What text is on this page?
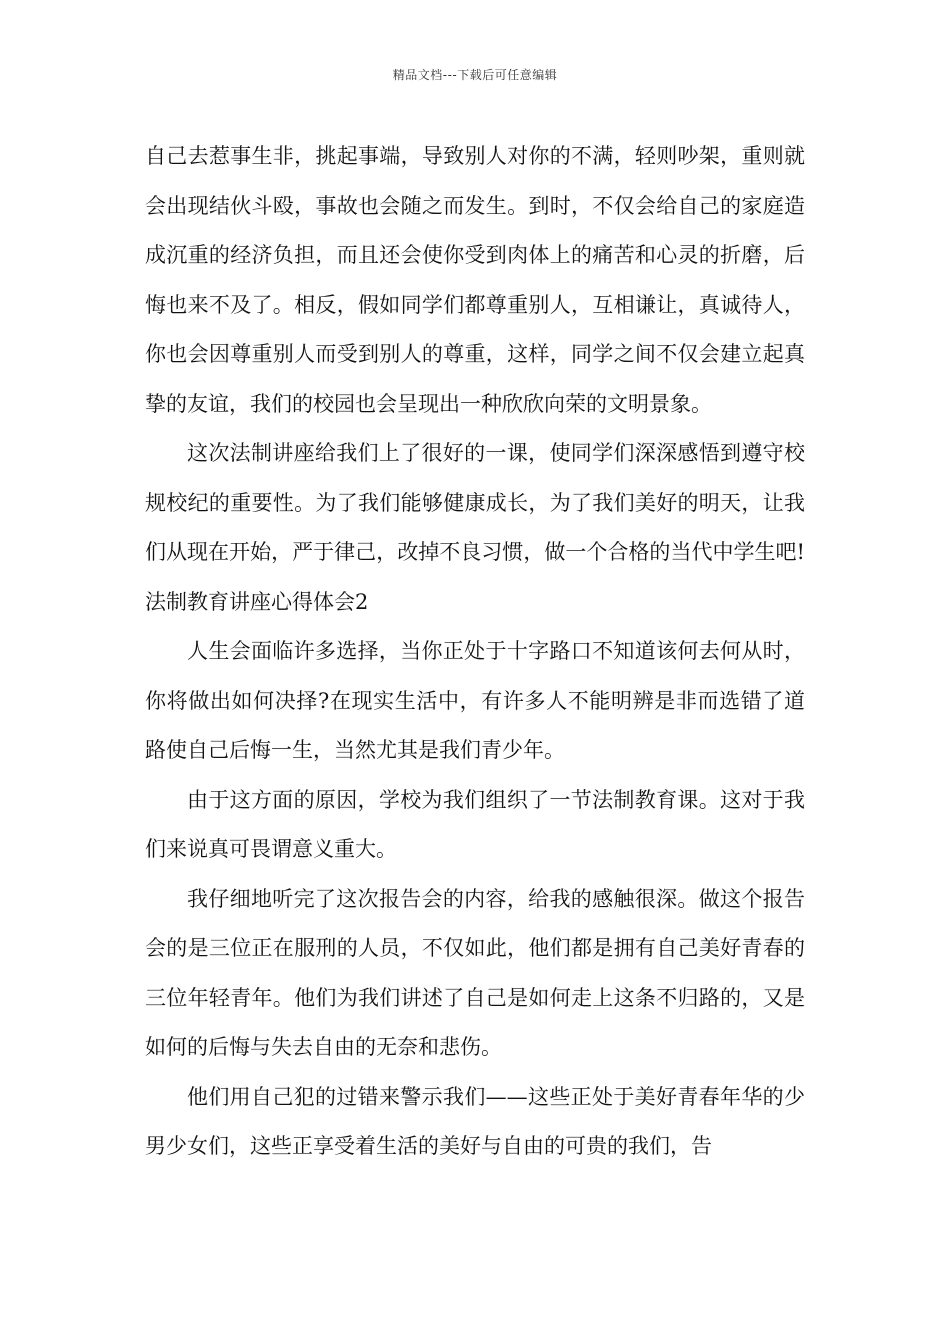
精品文档---下载后可任意编辑

自己去惹事生非，挑起事端，导致别人对你的不满，轻则吵架，重则就会出现结伙斗殴，事故也会随之而发生。到时，不仅会给自己的家庭造成沉重的经济负担，而且还会使你受到肉体上的痛苦和心灵的折磨，后悔也来不及了。相反，假如同学们都尊重别人，互相谦让，真诚待人，你也会因尊重别人而受到别人的尊重，这样，同学之间不仅会建立起真挚的友谊，我们的校园也会呈现出一种欣欣向荣的文明景象。

这次法制讲座给我们上了很好的一课，使同学们深深感悟到遵守校规校纪的重要性。为了我们能够健康成长，为了我们美好的明天，让我们从现在开始，严于律己，改掉不良习惯，做一个合格的当代中学生吧!法制教育讲座心得体会2

人生会面临许多选择，当你正处于十字路口不知道该何去何从时，你将做出如何决择?在现实生活中，有许多人不能明辨是非而选错了道路使自己后悔一生，当然尤其是我们青少年。

由于这方面的原因，学校为我们组织了一节法制教育课。这对于我们来说真可畏谓意义重大。

我仔细地听完了这次报告会的内容，给我的感触很深。做这个报告会的是三位正在服刑的人员，不仅如此，他们都是拥有自己美好青春的三位年轻青年。他们为我们讲述了自己是如何走上这条不归路的，又是如何的后悔与失去自由的无奈和悲伤。

他们用自己犯的过错来警示我们——这些正处于美好青春年华的少男少女们，这些正享受着生活的美好与自由的可贵的我们，告
